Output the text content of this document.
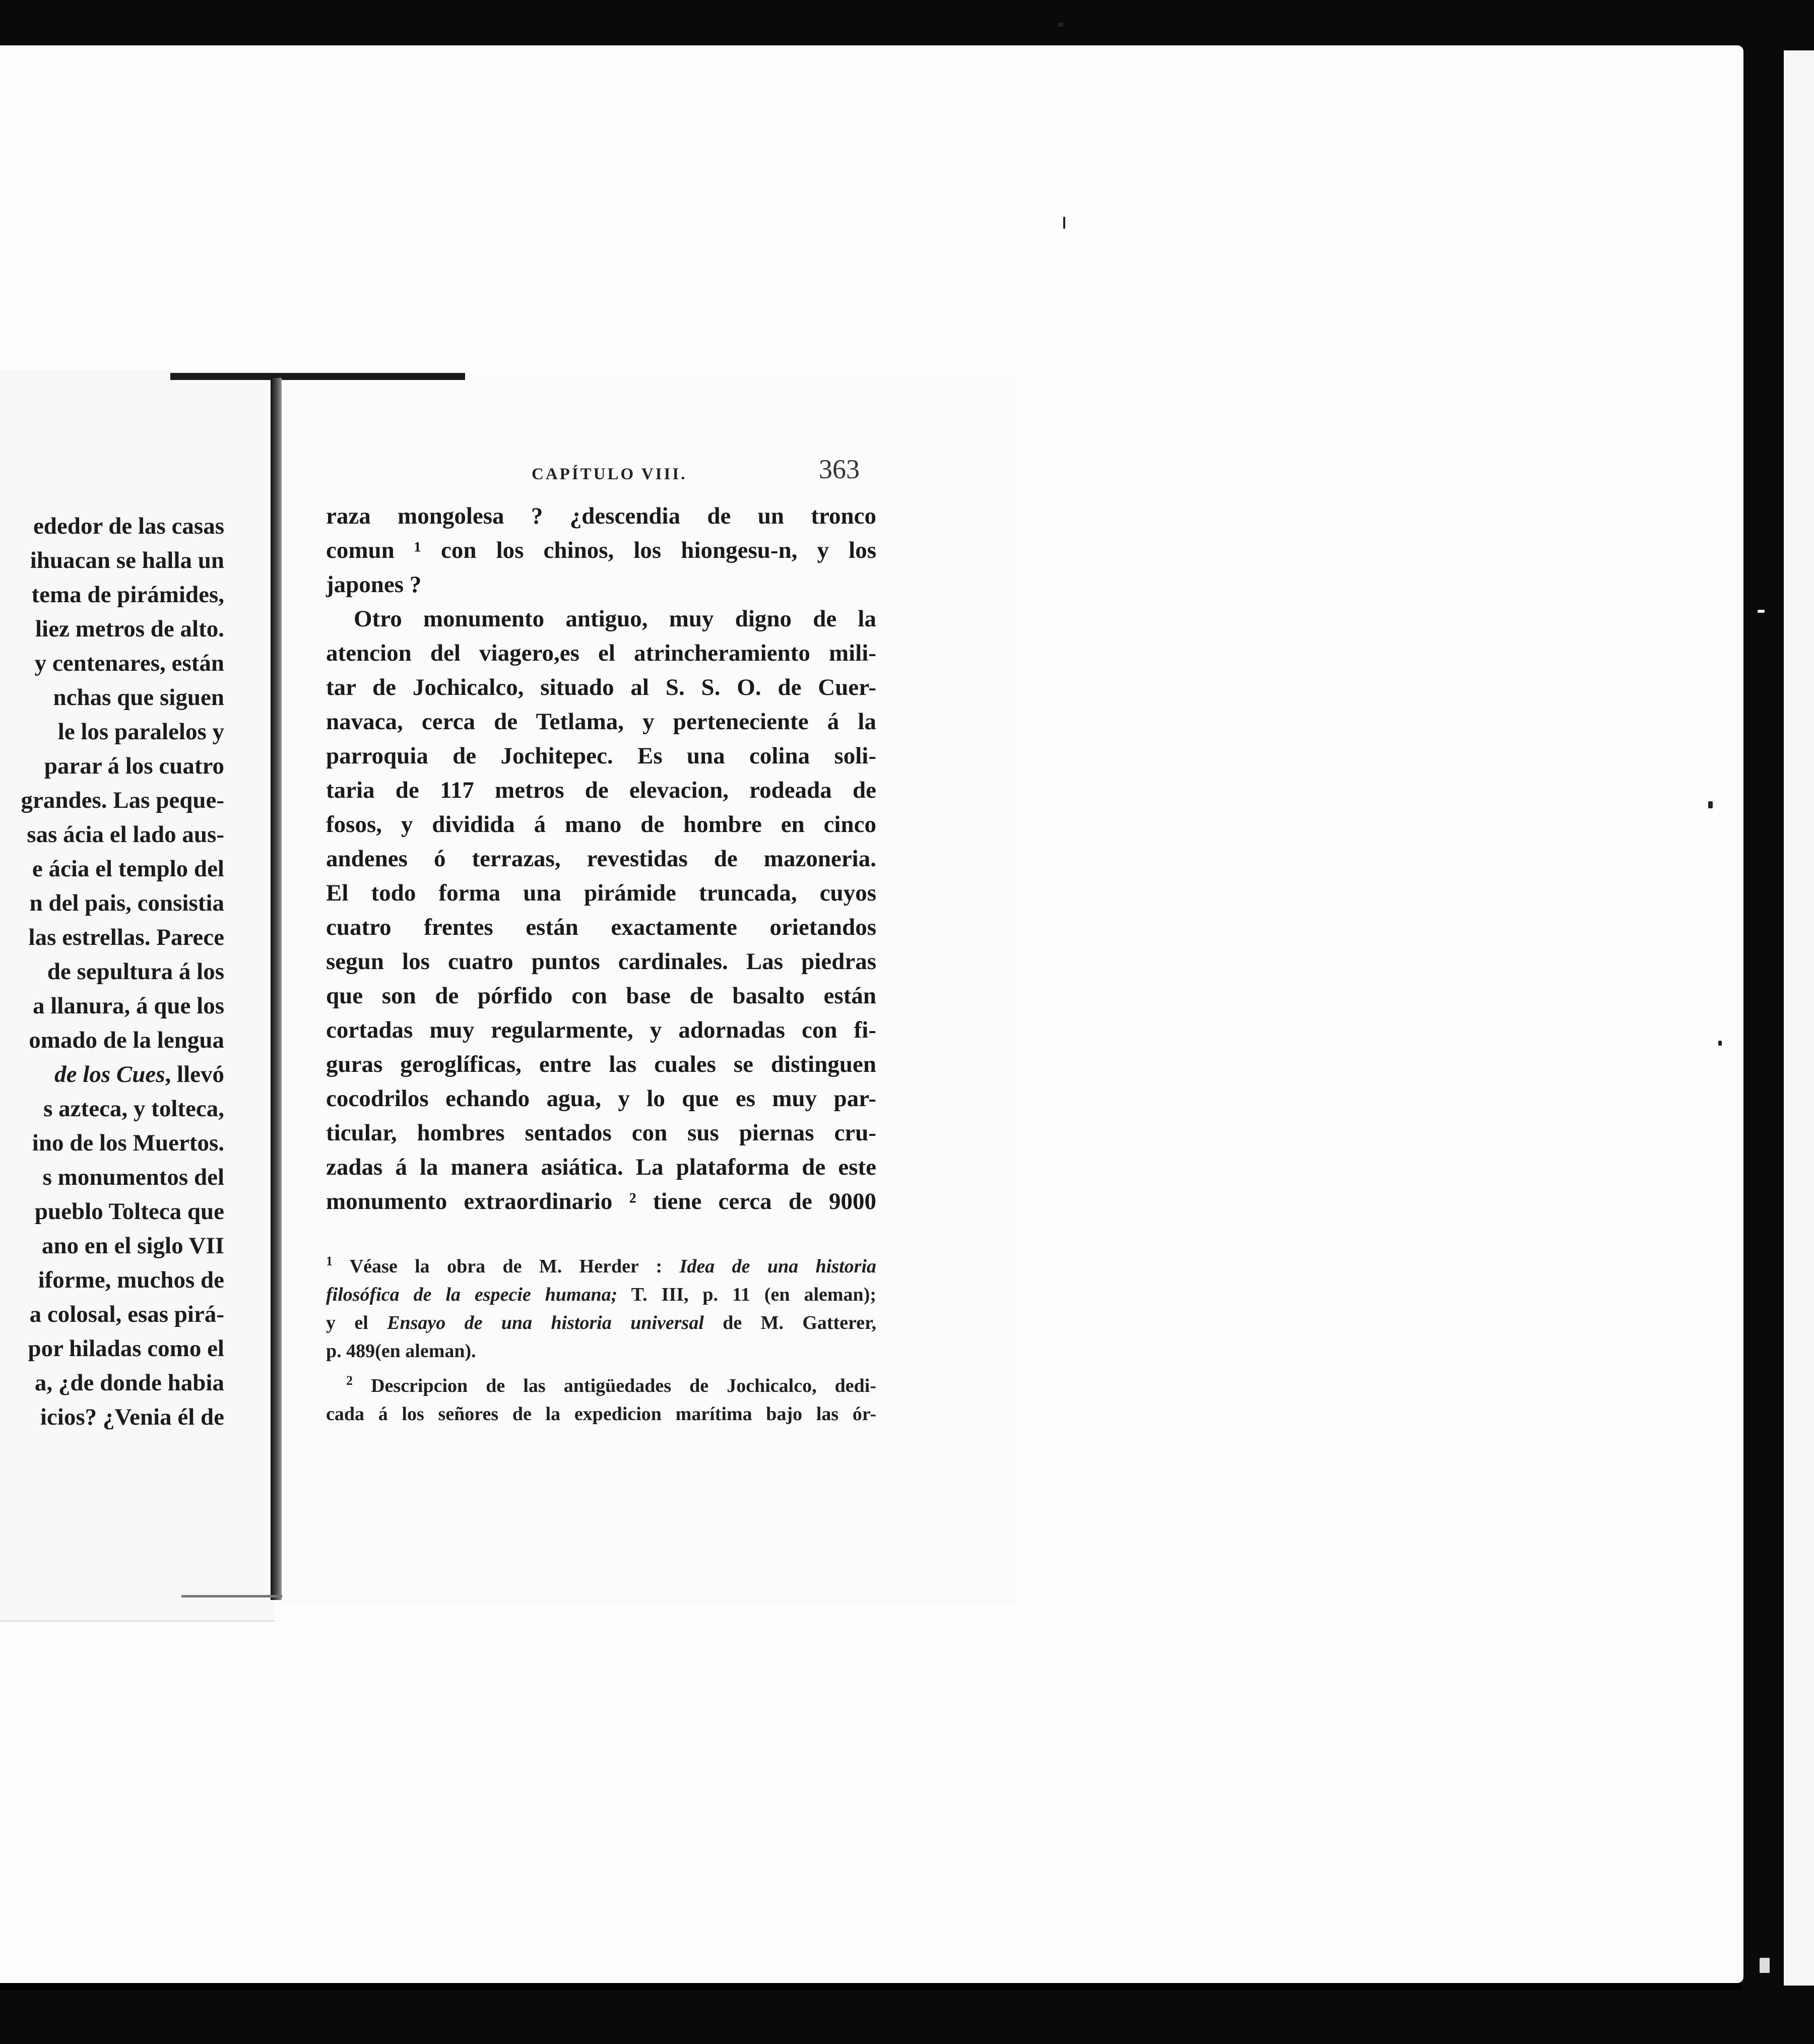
ededor de las casas
ihuacan se halla un
tema de pirámides,
liez metros de alto.
y centenares, están
nchas que siguen
le los paralelos y
parar á los cuatro
grandes. Las peque-
sas ácia el lado aus-
e ácia el templo del
n del pais, consistia
las estrellas. Parece
de sepultura á los
a llanura, á que los
omado de la lengua
de los Cues, llevó
s azteca, y tolteca,
ino de los Muertos.
s monumentos del
pueblo Tolteca que
ano en el siglo VII
iforme, muchos de
a colosal, esas pirá-
por hiladas como el
a, ¿de donde habia
icios? ¿Venia él de
CAPÍTULO VIII.	363
raza mongolesa ? ¿descendia de un tronco
comun ¹ con los chinos, los hiongesu-n, y los
japones ?
Otro monumento antiguo, muy digno de la
atencion del viagero,es el atrincheramiento mili-
tar de Jochicalco, situado al S. S. O. de Cuer-
navaca, cerca de Tetlama, y perteneciente á la
parroquia de Jochitepec. Es una colina soli-
taria de 117 metros de elevacion, rodeada de
fosos, y dividida á mano de hombre en cinco
andenes ó terrazas, revestidas de mazoneria.
El todo forma una pirámide truncada, cuyos
cuatro frentes están exactamente orietandos
segun los cuatro puntos cardinales. Las piedras
que son de pórfido con base de basalto están
cortadas muy regularmente, y adornadas con fi-
guras geroglíficas, entre las cuales se distinguen
cocodrilos echando agua, y lo que es muy par-
ticular, hombres sentados con sus piernas cru-
zadas á la manera asiática. La plataforma de este
monumento extraordinario ² tiene cerca de 9000
$^1$ Véase la obra de M. Herder : Idea de una historia
filosófica de la especie humana; T. III, p. 11 (en aleman);
y el Ensayo de una historia universal de M. Gatterer,
p. 489(en aleman).
$^2$ Descripcion de las antigüedades de Jochicalco, dedi-
cada á los señores de la expedicion marítima bajo las ór-
